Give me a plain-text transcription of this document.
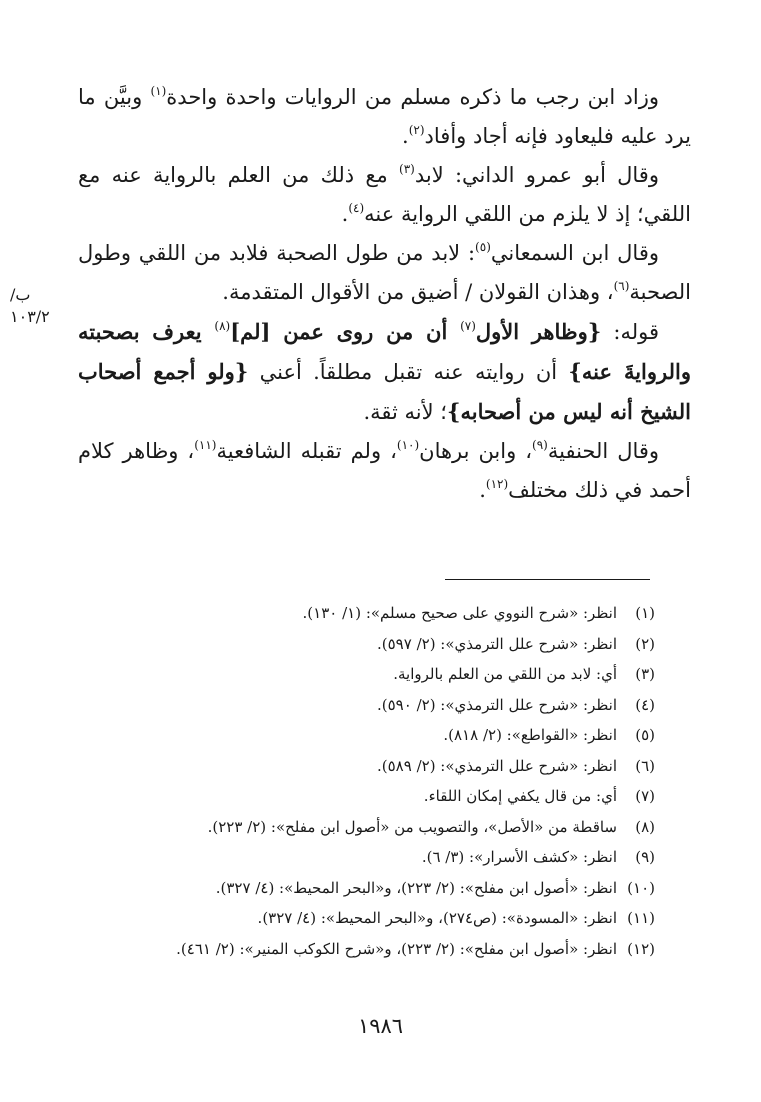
ب/١٠٣/٢

وزاد ابن رجب ما ذكره مسلم من الروايات واحدة واحدة$^{(١)}$ وبيَّن ما يرد عليه فليعاود فإنه أجاد وأفاد$^{(٢)}$.

وقال أبو عمرو الداني: لابد$^{(٣)}$ مع ذلك من العلم بالرواية عنه مع اللقي؛ إذ لا يلزم من اللقي الرواية عنه$^{(٤)}$.

وقال ابن السمعاني$^{(٥)}$: لابد من طول الصحبة فلابد من اللقي وطول الصحبة$^{(٦)}$، وهذان القولان / أضيق من الأقوال المتقدمة.

قوله: {وظاهر الأول$^{(٧)}$ أن من روى عمن [لم]$^{(٨)}$ يعرف بصحبته والروايةَ عنه} أن روايته عنه تقبل مطلقاً. أعني {ولو أجمع أصحاب الشيخ أنه ليس من أصحابه}؛ لأنه ثقة.

وقال الحنفية$^{(٩)}$، وابن برهان$^{(١٠)}$، ولم تقبله الشافعية$^{(١١)}$، وظاهر كلام أحمد في ذلك مختلف$^{(١٢)}$.

(١)
انظر: «شرح النووي على صحيح مسلم»: (١/ ١٣٠).
(٢)
انظر: «شرح علل الترمذي»: (٢/ ٥٩٧).
(٣)
أي: لابد من اللقي من العلم بالرواية.
(٤)
انظر: «شرح علل الترمذي»: (٢/ ٥٩٠).
(٥)
انظر: «القواطع»: (٢/ ٨١٨).
(٦)
انظر: «شرح علل الترمذي»: (٢/ ٥٨٩).
(٧)
أي: من قال يكفي إمكان اللقاء.
(٨)
ساقطة من «الأصل»، والتصويب من «أصول ابن مفلح»: (٢/ ٢٢٣).
(٩)
انظر: «كشف الأسرار»: (٣/ ٦).
(١٠)
انظر: «أصول ابن مفلح»: (٢/ ٢٢٣)، و«البحر المحيط»: (٤/ ٣٢٧).
(١١)
انظر: «المسودة»: (ص٢٧٤)، و«البحر المحيط»: (٤/ ٣٢٧).
(١٢)
انظر: «أصول ابن مفلح»: (٢/ ٢٢٣)، و«شرح الكوكب المنير»: (٢/ ٤٦١).
١٩٨٦
